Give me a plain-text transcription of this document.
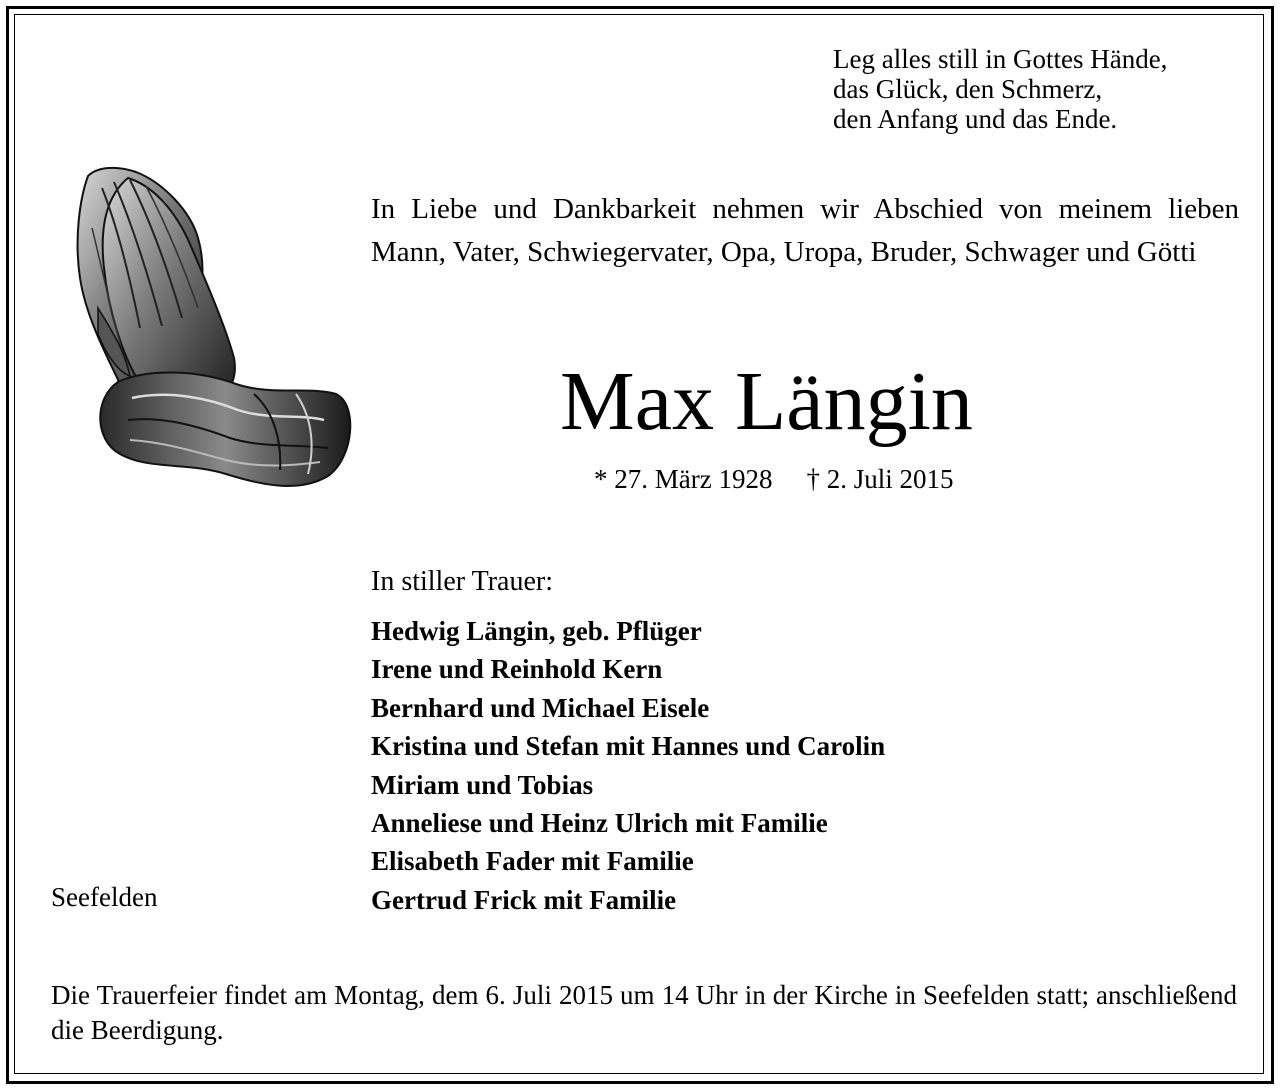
Leg alles still in Gottes Hände,
das Glück, den Schmerz,
den Anfang und das Ende.
In Liebe und Dankbarkeit nehmen wir Abschied von meinem lieben Mann, Vater, Schwiegervater, Opa, Uropa, Bruder, Schwager und Götti
Max Längin
* 27. März 1928 † 2. Juli 2015
In stiller Trauer:
Hedwig Längin, geb. Pflüger
Irene und Reinhold Kern
Bernhard und Michael Eisele
Kristina und Stefan mit Hannes und Carolin
Miriam und Tobias
Anneliese und Heinz Ulrich mit Familie
Elisabeth Fader mit Familie
Gertrud Frick mit Familie
Seefelden
Die Trauerfeier findet am Montag, dem 6. Juli 2015 um 14 Uhr in der Kirche in Seefelden statt; anschließend die Beerdigung.
